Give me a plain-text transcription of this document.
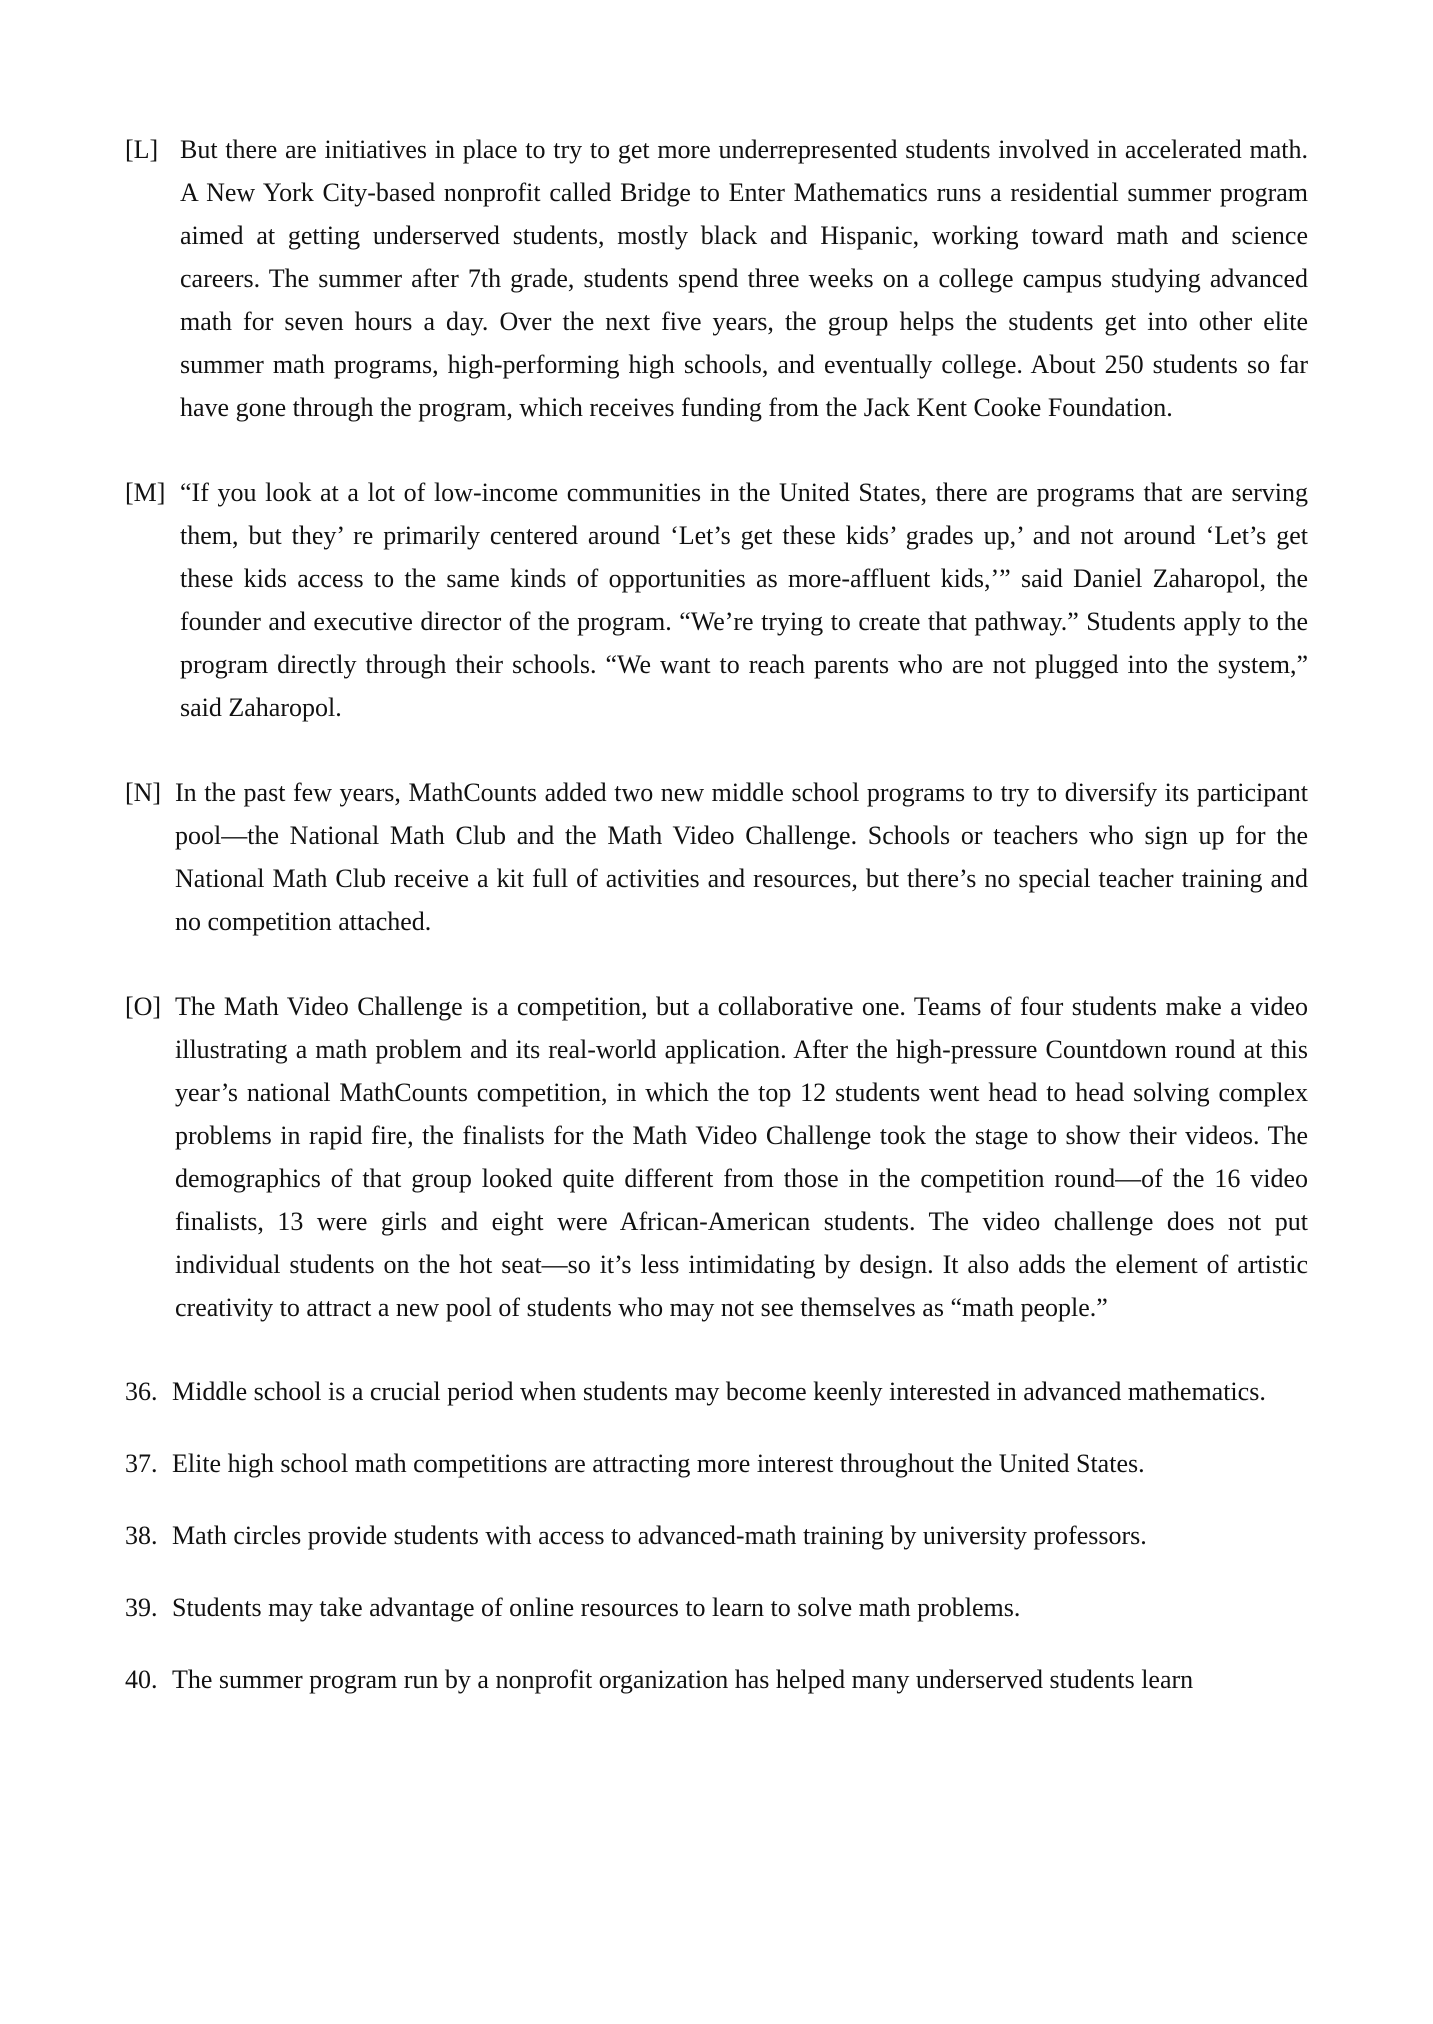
[L] But there are initiatives in place to try to get more underrepresented students involved in accelerated math. A New York City-based nonprofit called Bridge to Enter Mathematics runs a residential summer program aimed at getting underserved students, mostly black and Hispanic, working toward math and science careers. The summer after 7th grade, students spend three weeks on a college campus studying advanced math for seven hours a day. Over the next five years, the group helps the students get into other elite summer math programs, high-performing high schools, and eventually college. About 250 students so far have gone through the program, which receives funding from the Jack Kent Cooke Foundation.
[M] “If you look at a lot of low-income communities in the United States, there are programs that are serving them, but they’ re primarily centered around ‘Let’s get these kids’ grades up,’ and not around ‘Let’s get these kids access to the same kinds of opportunities as more-affluent kids,’” said Daniel Zaharopol, the founder and executive director of the program. “We’re trying to create that pathway.” Students apply to the program directly through their schools. “We want to reach parents who are not plugged into the system,” said Zaharopol.
[N] In the past few years, MathCounts added two new middle school programs to try to diversify its participant pool—the National Math Club and the Math Video Challenge. Schools or teachers who sign up for the National Math Club receive a kit full of activities and resources, but there’s no special teacher training and no competition attached.
[O] The Math Video Challenge is a competition, but a collaborative one. Teams of four students make a video illustrating a math problem and its real-world application. After the high-pressure Countdown round at this year’s national MathCounts competition, in which the top 12 students went head to head solving complex problems in rapid fire, the finalists for the Math Video Challenge took the stage to show their videos. The demographics of that group looked quite different from those in the competition round—of the 16 video finalists, 13 were girls and eight were African-American students. The video challenge does not put individual students on the hot seat—so it’s less intimidating by design. It also adds the element of artistic creativity to attract a new pool of students who may not see themselves as “math people.”
36. Middle school is a crucial period when students may become keenly interested in advanced mathematics.
37. Elite high school math competitions are attracting more interest throughout the United States.
38. Math circles provide students with access to advanced-math training by university professors.
39. Students may take advantage of online resources to learn to solve math problems.
40. The summer program run by a nonprofit organization has helped many underserved students learn
